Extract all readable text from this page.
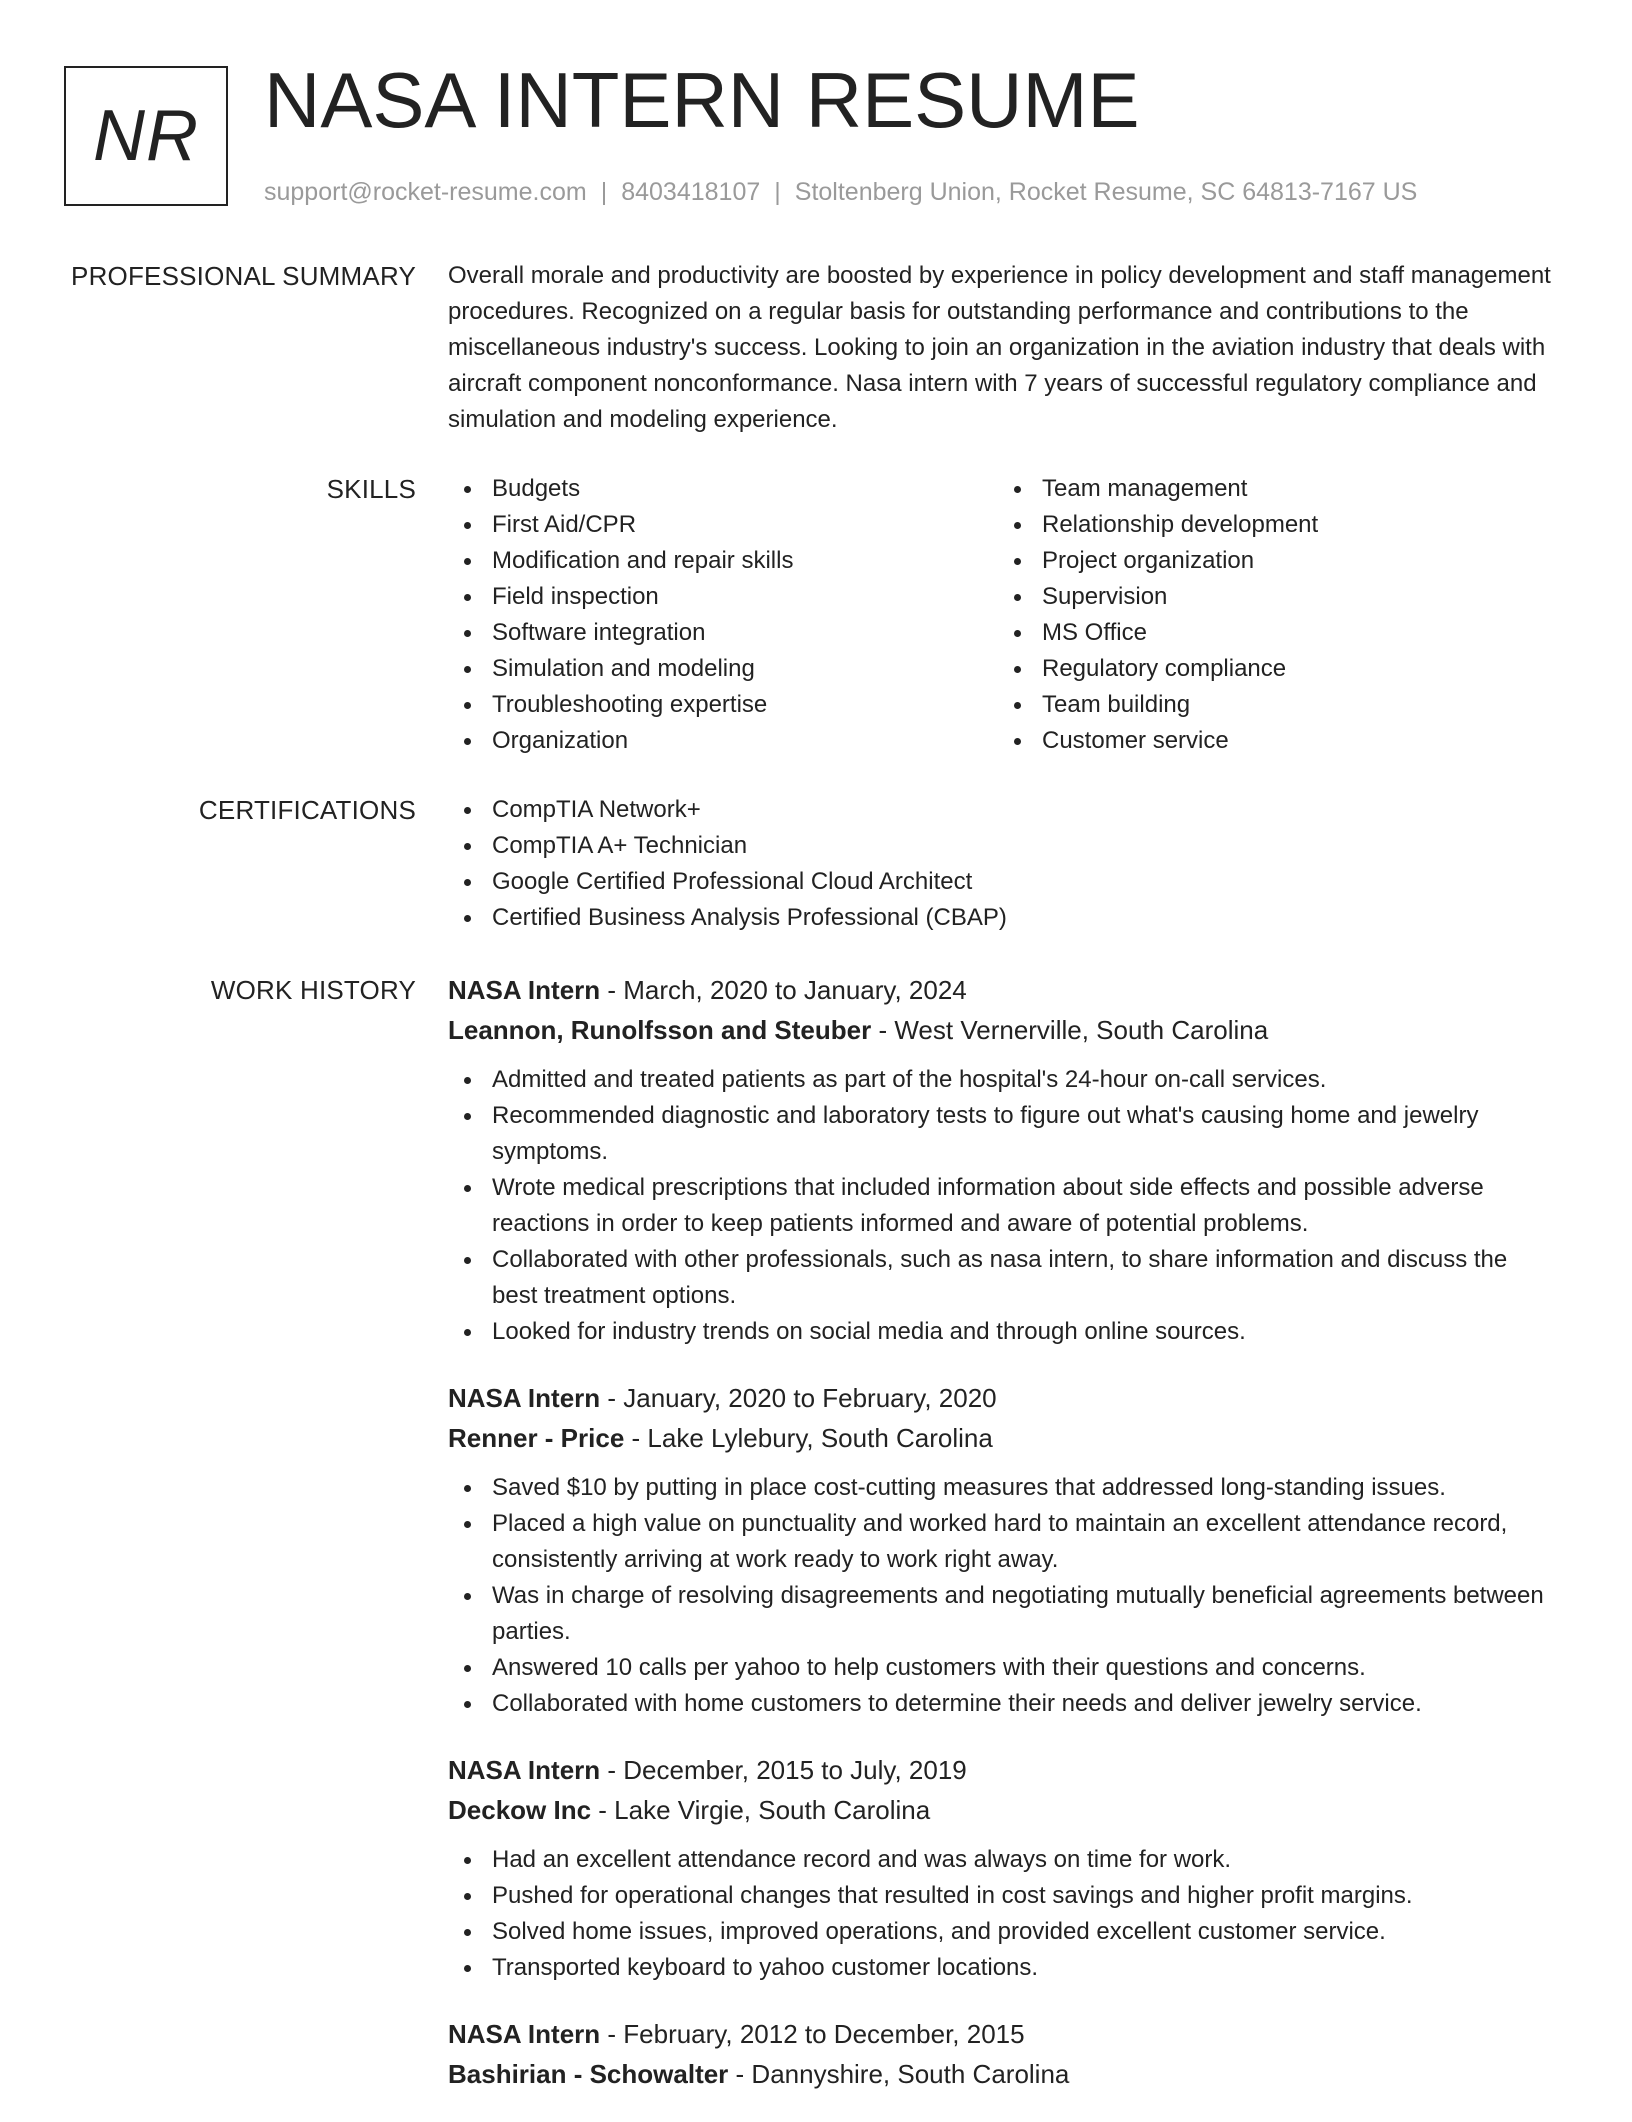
NR NASA INTERN RESUME
support@rocket-resume.com | 8403418107 | Stoltenberg Union, Rocket Resume, SC 64813-7167 US
PROFESSIONAL SUMMARY Overall morale and productivity are boosted by experience in policy development and staff management procedures. Recognized on a regular basis for outstanding performance and contributions to the miscellaneous industry's success. Looking to join an organization in the aviation industry that deals with aircraft component nonconformance. Nasa intern with 7 years of successful regulatory compliance and simulation and modeling experience.

SKILLS	Budgets
First Aid/CPR
Modification and repair skills
Field inspection
Software integration
Simulation and modeling
Troubleshooting expertise
Organization
Team management
Relationship development
Project organization
Supervision
MS Office
Regulatory compliance
Team building
Customer service
CERTIFICATIONS	CompTIA Network+
CompTIA A+ Technician
Google Certified Professional Cloud Architect
Certified Business Analysis Professional (CBAP)
WORK HISTORY NASA Intern - March, 2020 to January, 2024
Leannon, Runolfsson and Steuber - West Vernerville, South Carolina
Admitted and treated patients as part of the hospital's 24-hour on-call services.
Recommended diagnostic and laboratory tests to figure out what's causing home and jewelry symptoms.
Wrote medical prescriptions that included information about side effects and possible adverse reactions in order to keep patients informed and aware of potential problems.
Collaborated with other professionals, such as nasa intern, to share information and discuss the best treatment options.
Looked for industry trends on social media and through online sources.
NASA Intern - January, 2020 to February, 2020
Renner - Price - Lake Lylebury, South Carolina
Saved $10 by putting in place cost-cutting measures that addressed long-standing issues.
Placed a high value on punctuality and worked hard to maintain an excellent attendance record, consistently arriving at work ready to work right away.
Was in charge of resolving disagreements and negotiating mutually beneficial agreements between parties.
Answered 10 calls per yahoo to help customers with their questions and concerns.
Collaborated with home customers to determine their needs and deliver jewelry service.
NASA Intern - December, 2015 to July, 2019
Deckow Inc - Lake Virgie, South Carolina
Had an excellent attendance record and was always on time for work.
Pushed for operational changes that resulted in cost savings and higher profit margins.
Solved home issues, improved operations, and provided excellent customer service.
Transported keyboard to yahoo customer locations.
NASA Intern - February, 2012 to December, 2015
Bashirian - Schowalter - Dannyshire, South Carolina
